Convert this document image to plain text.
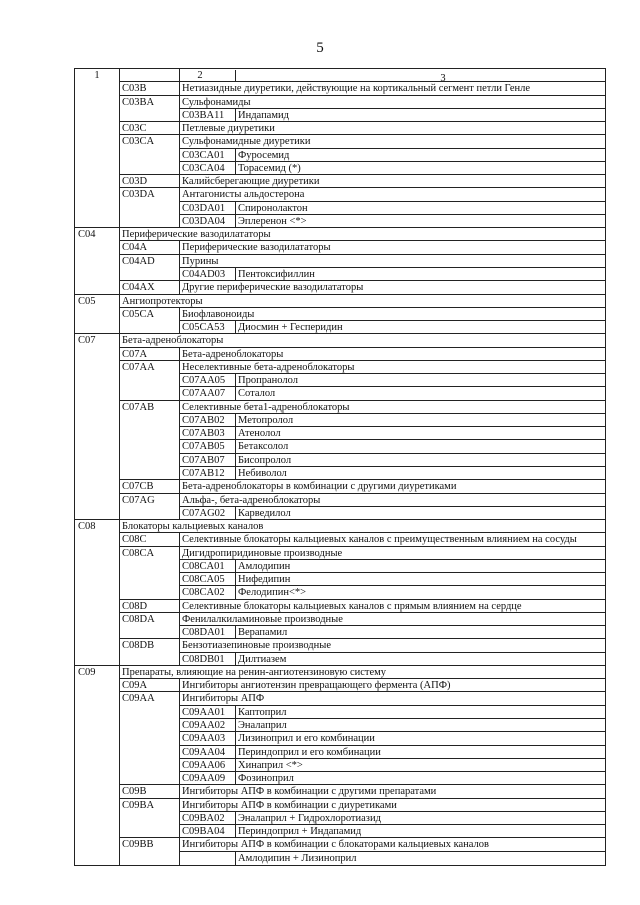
5
1	2	3
C03B	Нетиазидные диуретики, действующие на кортикальный сегмент петли Генле
C03BA	Сульфонамиды
C03BA11	Индапамид
C03C	Петлевые диуретики
C03CA	Сульфонамидные диуретики
C03CA01	Фуросемид
C03CA04	Торасемид (*)
C03D	Калийсберегающие диуретики
C03DA	Антагонисты альдостерона
C03DA01	Спиронолактон
C03DA04	Эплеренон <*>
C04	Периферические вазодилататоры
C04A	Периферические вазодилататоры
C04AD	Пурины
C04AD03	Пентоксифиллин
C04AX	Другие периферические вазодилататоры
C05	Ангиопротекторы
C05CA	Биофлавоноиды
C05CA53	Диосмин + Гесперидин
C07	Бета-адреноблокаторы
C07A	Бета-адреноблокаторы
C07AA	Неселективные бета-адреноблокаторы
C07AA05	Пропранолол
C07AA07	Соталол
C07AB	Селективные бета1-адреноблокаторы
C07AB02	Метопролол
C07AB03	Атенолол
C07AB05	Бетаксолол
C07AB07	Бисопролол
C07AB12	Небиволол
C07CB	Бета-адреноблокаторы в комбинации с другими диуретиками
C07AG	Альфа-, бета-адреноблокаторы
C07AG02	Карведилол
C08	Блокаторы кальциевых каналов
C08C	Селективные блокаторы кальциевых каналов с преимущественным влиянием на сосуды
C08CA	Дигидропиридиновые производные
C08CA01	Амлодипин
C08CA05	Нифедипин
C08CA02	Фелодипин<*>
C08D	Селективные блокаторы кальциевых каналов с прямым влиянием на сердце
C08DA	Фенилалкиламиновые производные
C08DA01	Верапамил
C08DB	Бензотиазепиновые производные
C08DB01	Дилтиазем
C09	Препараты, влияющие на ренин-ангиотензиновую систему
C09A	Ингибиторы ангиотензин превращающего фермента (АПФ)
C09AA	Ингибиторы АПФ
C09AA01	Каптоприл
C09AA02	Эналаприл
C09AA03	Лизиноприл и его комбинации
C09AA04	Периндоприл и его комбинации
C09AA06	Хинаприл <*>
C09AA09	Фозиноприл
C09B	Ингибиторы АПФ в комбинации с другими препаратами
C09BA	Ингибиторы АПФ в комбинации с диуретиками
C09BA02	Эналаприл + Гидрохлоротиазид
C09BA04	Периндоприл + Индапамид
C09BB	Ингибиторы АПФ в комбинации с блокаторами кальциевых каналов
Амлодипин + Лизиноприл
